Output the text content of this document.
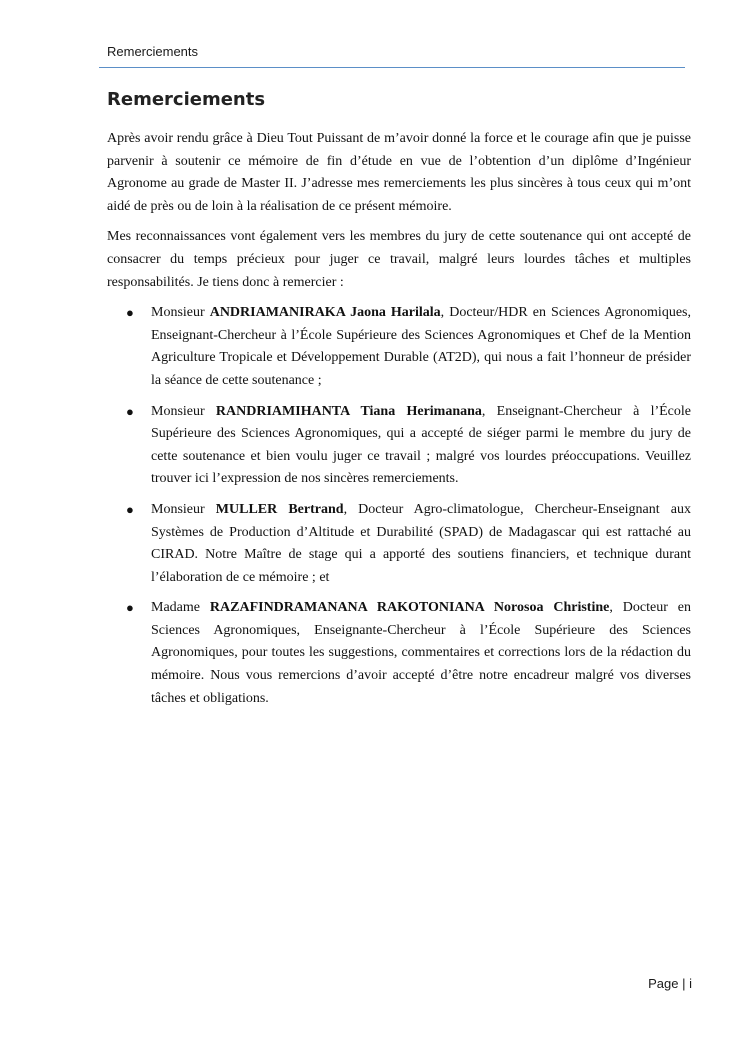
Remerciements
Remerciements

Après avoir rendu grâce à Dieu Tout Puissant de m’avoir donné la force et le courage afin que je puisse parvenir à soutenir ce mémoire de fin d’étude en vue de l’obtention d’un diplôme d’Ingénieur Agronome au grade de Master II. J’adresse mes remerciements les plus sincères à tous ceux qui m’ont aidé de près ou de loin à la réalisation de ce présent mémoire.

Mes reconnaissances vont également vers les membres du jury de cette soutenance qui ont accepté de consacrer du temps précieux pour juger ce travail, malgré leurs lourdes tâches et multiples responsabilités. Je tiens donc à remercier :

● Monsieur ANDRIAMANIRAKA Jaona Harilala, Docteur/HDR en Sciences Agronomiques, Enseignant-Chercheur à l’École Supérieure des Sciences Agronomiques et Chef de la Mention Agriculture Tropicale et Développement Durable (AT2D), qui nous a fait l’honneur de présider la séance de cette soutenance ;
● Monsieur RANDRIAMIHANTA Tiana Herimanana, Enseignant-Chercheur à l’École Supérieure des Sciences Agronomiques, qui a accepté de siéger parmi le membre du jury de cette soutenance et bien voulu juger ce travail ; malgré vos lourdes préoccupations. Veuillez trouver ici l’expression de nos sincères remerciements.
● Monsieur MULLER Bertrand, Docteur Agro-climatologue, Chercheur-Enseignant aux Systèmes de Production d’Altitude et Durabilité (SPAD) de Madagascar qui est rattaché au CIRAD. Notre Maître de stage qui a apporté des soutiens financiers, et technique durant l’élaboration de ce mémoire ; et
● Madame RAZAFINDRAMANANA RAKOTONIANA Norosoa Christine, Docteur en Sciences Agronomiques, Enseignante-Chercheur à l’École Supérieure des Sciences Agronomiques, pour toutes les suggestions, commentaires et corrections lors de la rédaction du mémoire. Nous vous remercions d’avoir accepté d’être notre encadreur malgré vos diverses tâches et obligations.
Page | i
